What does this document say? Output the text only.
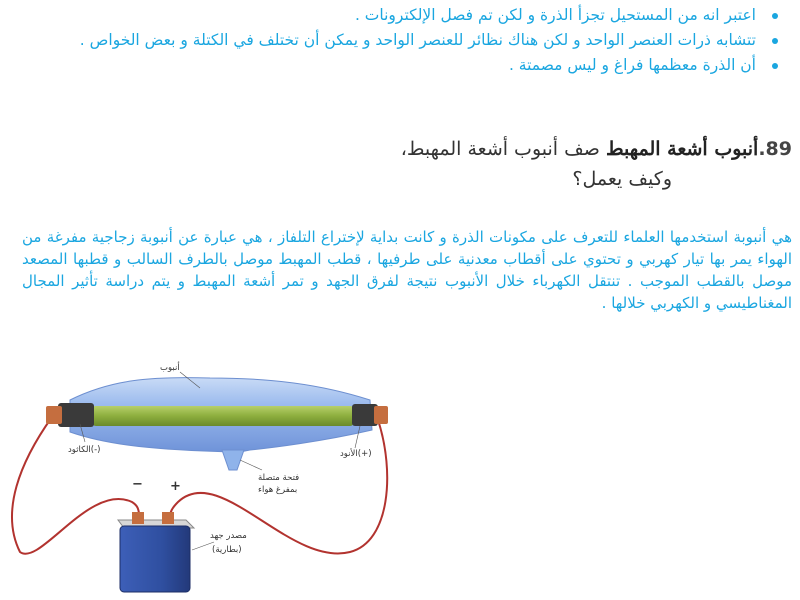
اعتبر انه من المستحيل تجزأ الذرة و لكن تم فصل الإلكترونات .
تتشابه ذرات العنصر الواحد و لكن هناك نظائر للعنصر الواحد و يمكن أن تختلف في الكتلة و بعض الخواص .
أن الذرة معظمها فراغ و ليس مصمتة .
89.أنبوب أشعة المهبط صف أنبوب أشعة المهبط،
وكيف يعمل؟
هي أنبوبة استخدمها العلماء للتعرف على مكونات الذرة و كانت بداية لإختراع التلفاز ، هي عبارة عن أنبوبة زجاجية مفرغة من الهواء يمر بها تيار كهربي و تحتوي على أقطاب معدنية على طرفيها ، قطب المهبط موصل بالطرف السالب و قطبها المصعد موصل بالقطب الموجب . تنتقل الكهرباء خلال الأنبوب نتيجة لفرق الجهد و تمر أشعة المهبط و يتم دراسة تأثير المجال المغناطيسي و الكهربي خلالها .
أنبوب
الكاثود(-)	الأنود(+)
فتحة متصلة
بمفرغ هواء
مصدر جهد
(بطارية)
− +
